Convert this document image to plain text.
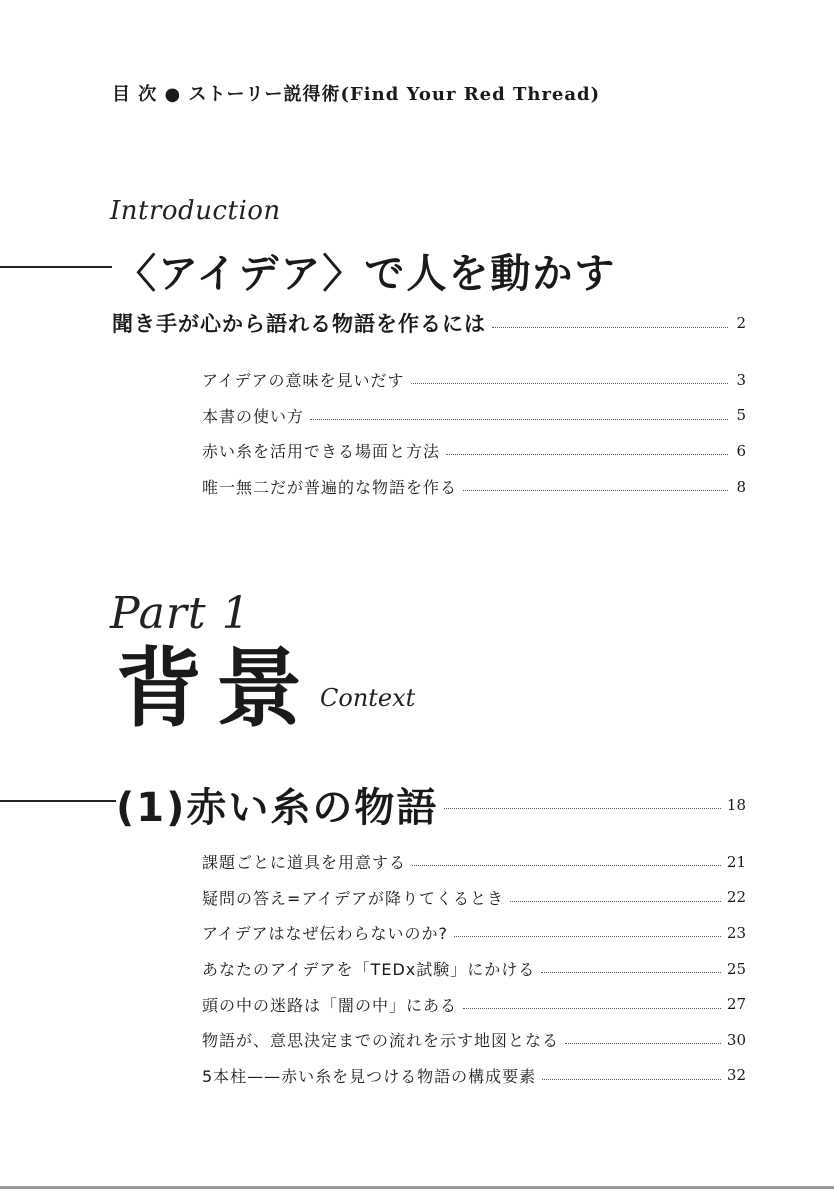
目 次 ● ストーリー説得術(Find Your Red Thread)
Introduction
〈アイデア〉で人を動かす
聞き手が心から語れる物語を作るには	2
アイデアの意味を見いだす	3
本書の使い方	5
赤い糸を活用できる場面と方法	6
唯一無二だが普遍的な物語を作る	8
Part 1
背景 Context
(1)赤い糸の物語	18
課題ごとに道具を用意する	21
疑問の答え=アイデアが降りてくるとき	22
アイデアはなぜ伝わらないのか?	23
あなたのアイデアを「TEDx試験」にかける	25
頭の中の迷路は「闇の中」にある	27
物語が、意思決定までの流れを示す地図となる	30
5本柱——赤い糸を見つける物語の構成要素	32
